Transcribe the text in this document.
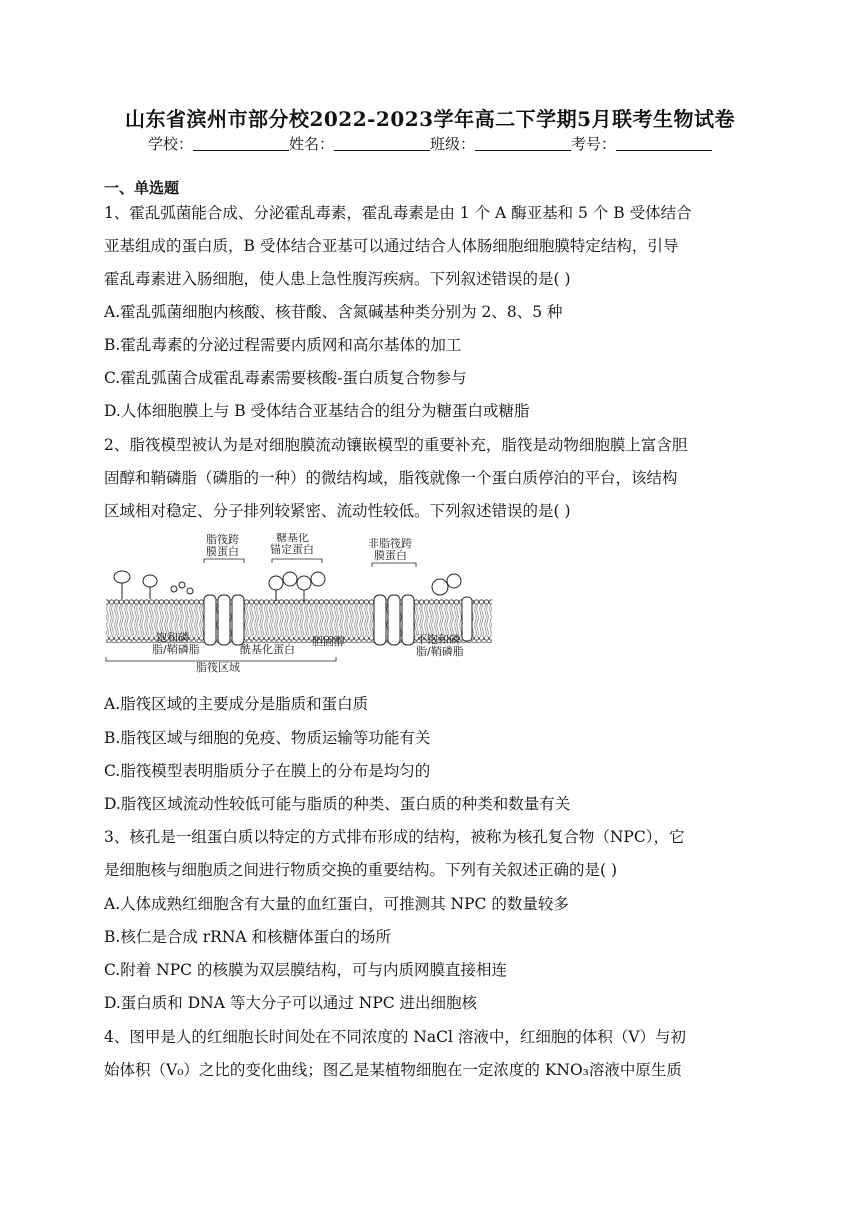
山东省滨州市部分校2022-2023学年高二下学期5月联考生物试卷
学校：	姓名：	班级：	考号：
一、单选题
1、霍乱弧菌能合成、分泌霍乱毒素，霍乱毒素是由 1 个 A 酶亚基和 5 个 B 受体结合
亚基组成的蛋白质，B 受体结合亚基可以通过结合人体肠细胞细胞膜特定结构，引导
霍乱毒素进入肠细胞，使人患上急性腹泻疾病。下列叙述错误的是( )
A.霍乱弧菌细胞内核酸、核苷酸、含氮碱基种类分别为 2、8、5 种
B.霍乱毒素的分泌过程需要内质网和高尔基体的加工
C.霍乱弧菌合成霍乱毒素需要核酸-蛋白质复合物参与
D.人体细胞膜上与 B 受体结合亚基结合的组分为糖蛋白或糖脂
2、脂筏模型被认为是对细胞膜流动镶嵌模型的重要补充，脂筏是动物细胞膜上富含胆
固醇和鞘磷脂（磷脂的一种）的微结构域，脂筏就像一个蛋白质停泊的平台，该结构
区域相对稳定、分子排列较紧密、流动性较低。下列叙述错误的是( )
脂筏跨
膜蛋白
糖基化
锚定蛋白	非脂筏跨
膜蛋白
饱和磷
脂/鞘磷脂	酰基化蛋白
胆固醇	不饱和磷
脂/鞘磷脂
脂筏区域
A.脂筏区域的主要成分是脂质和蛋白质
B.脂筏区域与细胞的免疫、物质运输等功能有关
C.脂筏模型表明脂质分子在膜上的分布是均匀的
D.脂筏区域流动性较低可能与脂质的种类、蛋白质的种类和数量有关
3、核孔是一组蛋白质以特定的方式排布形成的结构，被称为核孔复合物（NPC），它
是细胞核与细胞质之间进行物质交换的重要结构。下列有关叙述正确的是( )
A.人体成熟红细胞含有大量的血红蛋白，可推测其 NPC 的数量较多
B.核仁是合成 rRNA 和核糖体蛋白的场所
C.附着 NPC 的核膜为双层膜结构，可与内质网膜直接相连
D.蛋白质和 DNA 等大分子可以通过 NPC 进出细胞核
4、图甲是人的红细胞长时间处在不同浓度的 NaCl 溶液中，红细胞的体积（V）与初
始体积（V₀）之比的变化曲线；图乙是某植物细胞在一定浓度的 KNO₃溶液中原生质
